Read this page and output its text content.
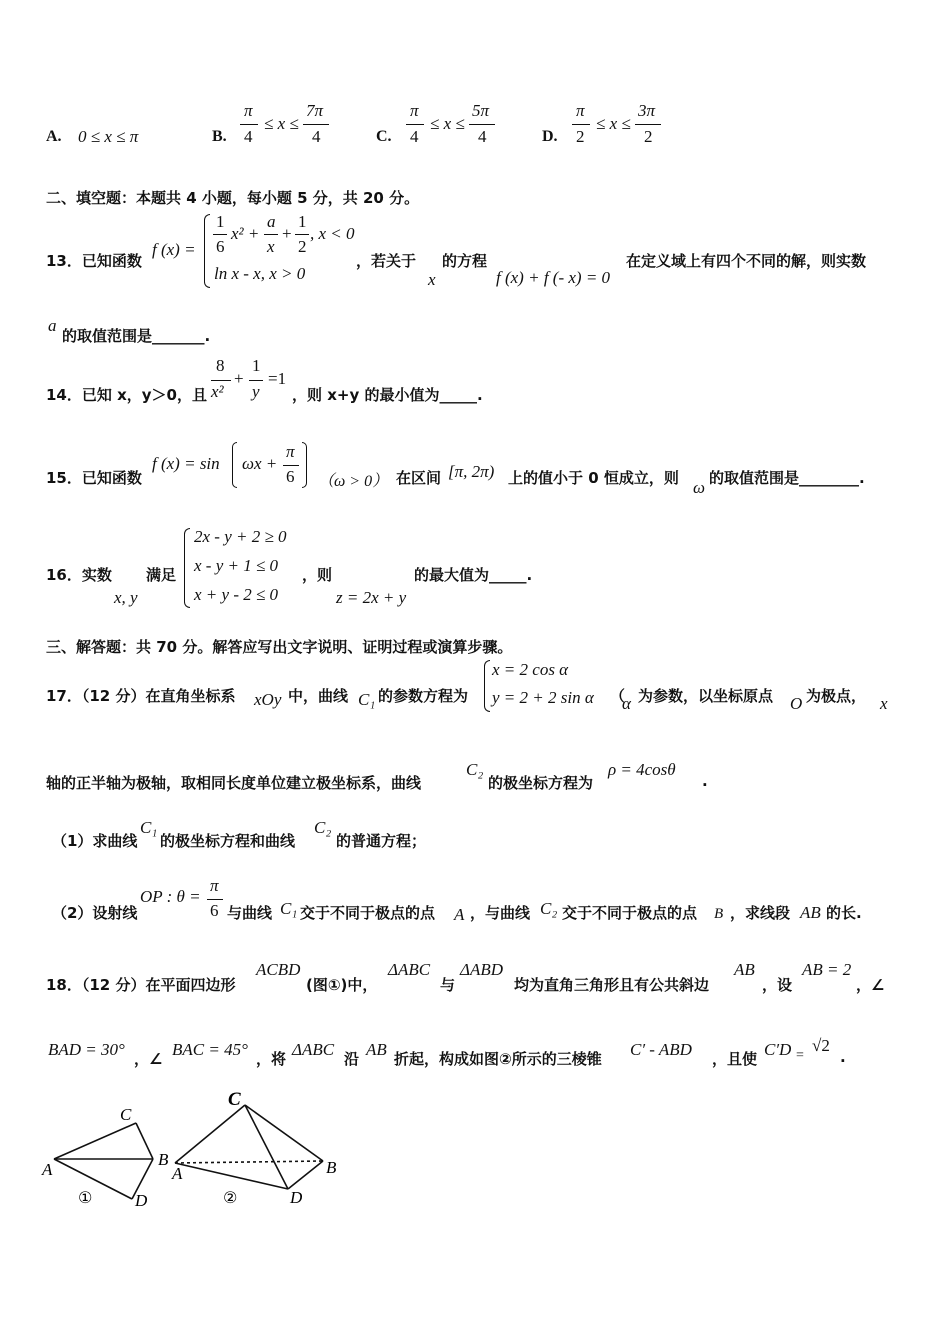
A. 0 ≤ x ≤ π	B.
π
4
≤ x ≤
7π
4	C.
π
4
≤ x ≤
5π
4	D.
π
2
≤ x ≤
3π
2
二、填空题：本题共 4 小题，每小题 5 分，共 20 分。
13．已知函数
f (x) =
1
6
x² +
a
x
+
1
2
, x < 0
ln x - x, x > 0
，若关于
x
的方程
f (x) + f (- x) = 0
在定义域上有四个不同的解，则实数
a
的取值范围是_______.
14．已知 x，y＞0，且
8
x²
+
1
y
=1
，则 x+y 的最小值为_____.
15．已知函数
f (x) = sin ωx +
π
6 （ω > 0） 在区间 [π, 2π) 上的值小于 0 恒成立，则 ω 的取值范围是________.
16．实数
x, y
满足
2x - y + 2 ≥ 0
x - y + 1 ≤ 0
x + y - 2 ≤ 0
，则
z = 2x + y
的最大值为_____.
三、解答题：共 70 分。解答应写出文字说明、证明过程或演算步骤。
17．（12 分）在直角坐标系 xOy 中，曲线 C₁ 的参数方程为
x = 2 cos α
y = 2 + 2 sin α （
α 为参数，以坐标原点 O 为极点， x
轴的正半轴为极轴，取相同长度单位建立极坐标系，曲线
C₂
的极坐标方程为
ρ = 4cosθ
.
（1）求曲线
C₁
的极坐标方程和曲线
C₂
的普通方程；
（2）设射线
OP : θ =
π
6 与曲线 C₁ 交于不同于极点的点 A ，与曲线 C₂ 交于不同于极点的点 B ，求线段 AB 的长.
18．（12 分）在平面四边形
ACBD
(图①)中，
ΔABC
与
ΔABD
均为直角三角形且有公共斜边
AB
，设
AB = 2
，∠
BAD = 30° ，∠ BAC = 45° ，将 ΔABC 沿 AB 折起，构成如图②所示的三棱锥 C′ - ABD ，且使 C′D =
√2
.
A
C
B
D
①
A
C
B
D
②
